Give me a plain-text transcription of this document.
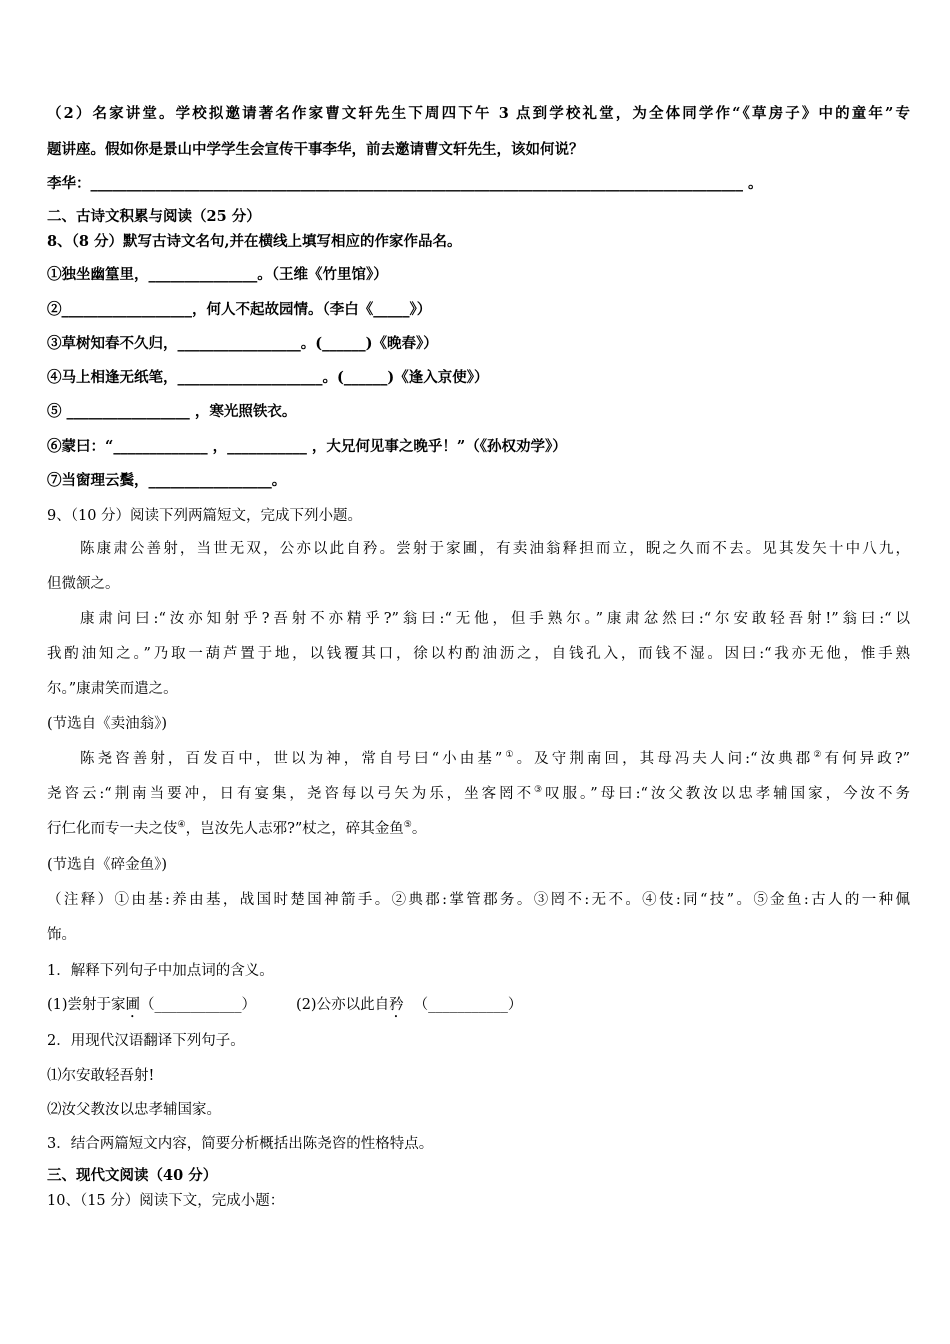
（2）名家讲堂。学校拟邀请著名作家曹文轩先生下周四下午 3 点到学校礼堂，为全体同学作“《草房子》中的童年”专
题讲座。假如你是景山中学学生会宣传干事李华，前去邀请曹文轩先生，该如何说？
李华：__________________________________________________________________________________________ 。
二、古诗文积累与阅读（25 分）
8、（8 分）默写古诗文名句,并在横线上填写相应的作家作品名。
①独坐幽篁里，_______________。（王维《竹里馆》）
②__________________，何人不起故园情。（李白《_____》）
③草树知春不久归，_________________。(______)《晚春》）
④马上相逢无纸笔，____________________。(______)《逢入京使》）
⑤ _________________ ，寒光照铁衣。
⑥蒙曰：“_____________ ，___________ ，大兄何见事之晚乎！”（《孙权劝学》）
⑦当窗理云鬓，_________________。
9、（10 分）阅读下列两篇短文，完成下列小题。
陈康肃公善射，当世无双，公亦以此自矜。尝射于家圃，有卖油翁释担而立，睨之久而不去。见其发矢十中八九，
但微颔之。
康肃问曰:“汝亦知射乎?吾射不亦精乎?”翁曰:“无他，但手熟尔。”康肃忿然曰:“尔安敢轻吾射!”翁曰:“以
我酌油知之。”乃取一葫芦置于地，以钱覆其口，徐以杓酌油沥之，自钱孔入，而钱不湿。因曰:“我亦无他，惟手熟
尔。”康肃笑而遣之。
(节选自《卖油翁》)
陈尧咨善射，百发百中，世以为神，常自号曰“小由基”①。及守荆南回，其母冯夫人问:“汝典郡②有何异政?”
尧咨云:“荆南当要冲，日有宴集，尧咨每以弓矢为乐，坐客罔不③叹服。”母曰:“汝父教汝以忠孝辅国家，今汝不务
行仁化而专一夫之伎④，岂汝先人志邪?”杖之，碎其金鱼⑤。
(节选自《碎金鱼》)
（注释）①由基:养由基，战国时楚国神箭手。②典郡:掌管郡务。③罔不:无不。④伎:同“技”。⑤金鱼:古人的一种佩
饰。
1．解释下列句子中加点词的含义。
(1)尝射于家圃（____________）	(2)公亦以此自矜 （___________）
2．用现代汉语翻译下列句子。
⑴尔安敢轻吾射!
⑵汝父教汝以忠孝辅国家。
3．结合两篇短文内容，简要分析概括出陈尧咨的性格特点。
三、现代文阅读（40 分）
10、（15 分）阅读下文，完成小题：
